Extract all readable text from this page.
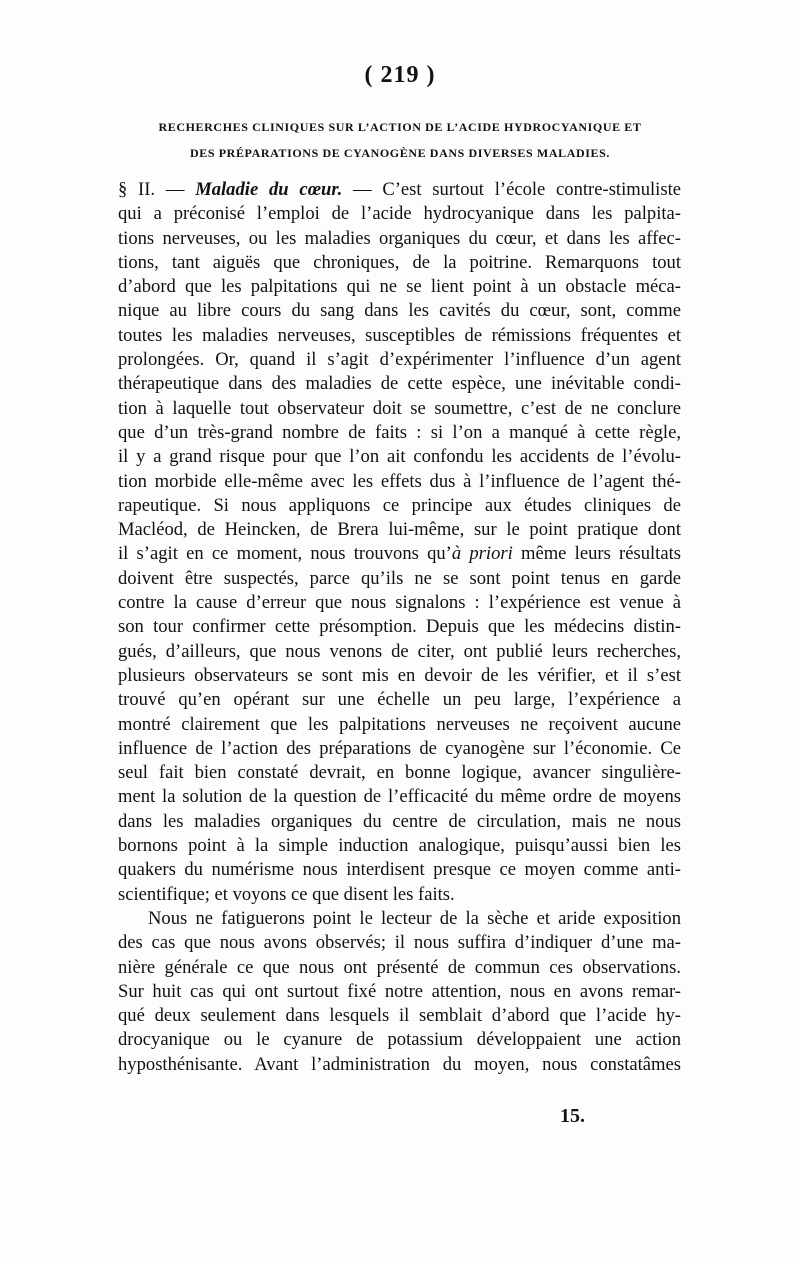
( 219 )
RECHERCHES CLINIQUES SUR L’ACTION DE L’ACIDE HYDROCYANIQUE ET
DES PRÉPARATIONS DE CYANOGÈNE DANS DIVERSES MALADIES.
§ II. — Maladie du cœur. — C’est surtout l’école contre-stimuliste
qui a préconisé l’emploi de l’acide hydrocyanique dans les palpita-
tions nerveuses, ou les maladies organiques du cœur, et dans les affec-
tions, tant aiguës que chroniques, de la poitrine. Remarquons tout
d’abord que les palpitations qui ne se lient point à un obstacle méca-
nique au libre cours du sang dans les cavités du cœur, sont, comme
toutes les maladies nerveuses, susceptibles de rémissions fréquentes et
prolongées. Or, quand il s’agit d’expérimenter l’influence d’un agent
thérapeutique dans des maladies de cette espèce, une inévitable condi-
tion à laquelle tout observateur doit se soumettre, c’est de ne conclure
que d’un très-grand nombre de faits : si l’on a manqué à cette règle,
il y a grand risque pour que l’on ait confondu les accidents de l’évolu-
tion morbide elle-même avec les effets dus à l’influence de l’agent thé-
rapeutique. Si nous appliquons ce principe aux études cliniques de
Macléod, de Heincken, de Brera lui-même, sur le point pratique dont
il s’agit en ce moment, nous trouvons qu’à priori même leurs résultats
doivent être suspectés, parce qu’ils ne se sont point tenus en garde
contre la cause d’erreur que nous signalons : l’expérience est venue à
son tour confirmer cette présomption. Depuis que les médecins distin-
gués, d’ailleurs, que nous venons de citer, ont publié leurs recherches,
plusieurs observateurs se sont mis en devoir de les vérifier, et il s’est
trouvé qu’en opérant sur une échelle un peu large, l’expérience a
montré clairement que les palpitations nerveuses ne reçoivent aucune
influence de l’action des préparations de cyanogène sur l’économie. Ce
seul fait bien constaté devrait, en bonne logique, avancer singulière-
ment la solution de la question de l’efficacité du même ordre de moyens
dans les maladies organiques du centre de circulation, mais ne nous
bornons point à la simple induction analogique, puisqu’aussi bien les
quakers du numérisme nous interdisent presque ce moyen comme anti-
scientifique; et voyons ce que disent les faits.
Nous ne fatiguerons point le lecteur de la sèche et aride exposition
des cas que nous avons observés; il nous suffira d’indiquer d’une ma-
nière générale ce que nous ont présenté de commun ces observations.
Sur huit cas qui ont surtout fixé notre attention, nous en avons remar-
qué deux seulement dans lesquels il semblait d’abord que l’acide hy-
drocyanique ou le cyanure de potassium développaient une action
hyposthénisante. Avant l’administration du moyen, nous constatâmes
15.
